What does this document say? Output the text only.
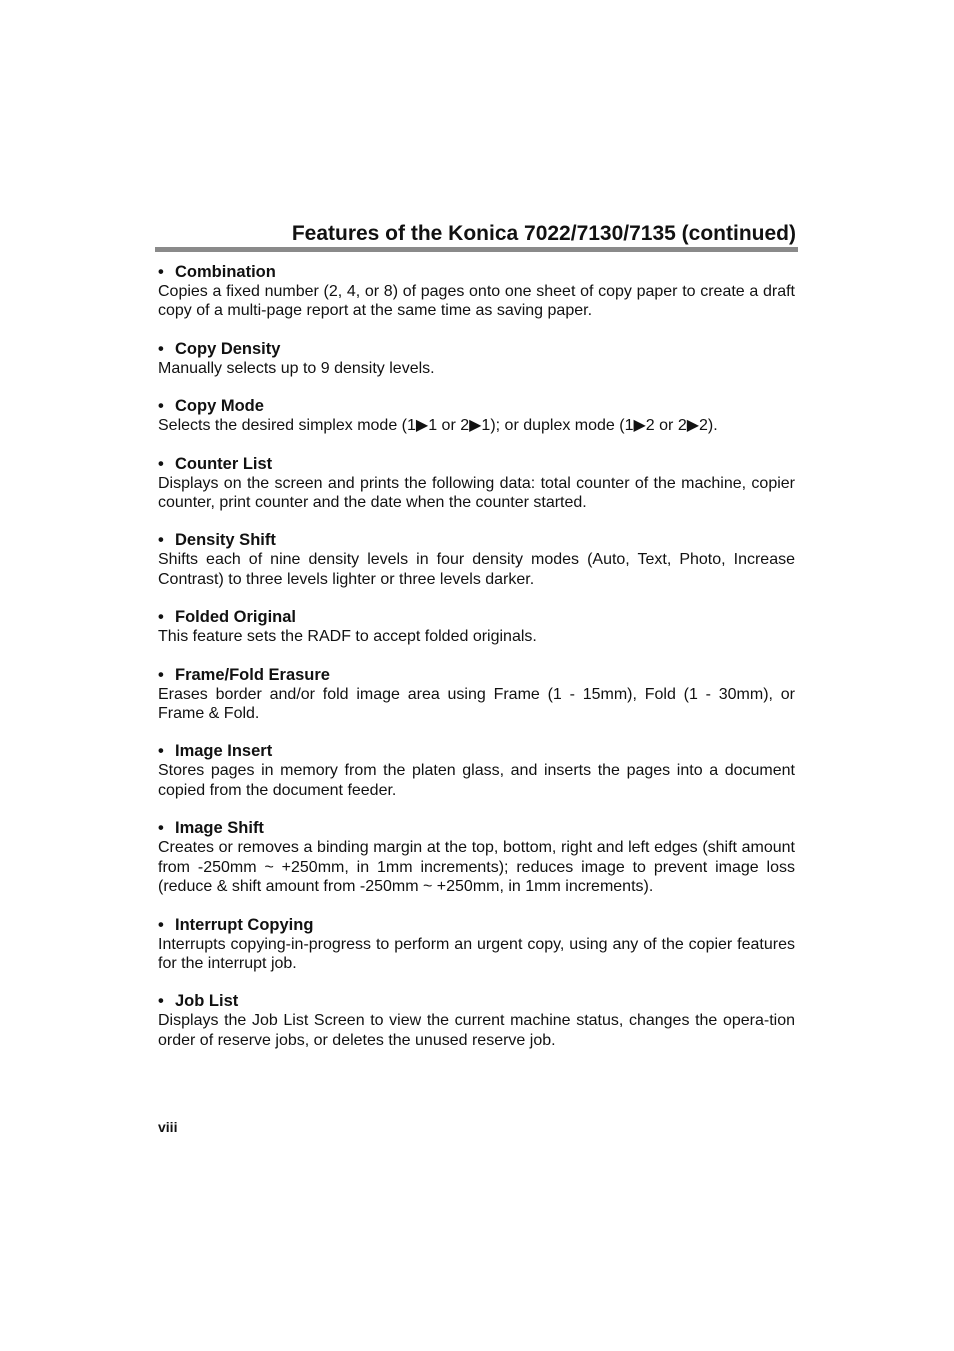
Features of the Konica 7022/7130/7135 (continued)

• Combination

Copies a fixed number (2, 4, or 8) of pages onto one sheet of copy paper to create a draft copy of a multi-page report at the same time as saving paper.

• Copy Density

Manually selects up to 9 density levels.

• Copy Mode

Selects the desired simplex mode (1▶1 or 2▶1); or duplex mode (1▶2 or 2▶2).

• Counter List

Displays on the screen and prints the following data: total counter of the machine, copier counter, print counter and the date when the counter started.

• Density Shift

Shifts each of nine density levels in four density modes (Auto, Text, Photo, Increase Contrast) to three levels lighter or three levels darker.

• Folded Original

This feature sets the RADF to accept folded originals.

• Frame/Fold Erasure

Erases border and/or fold image area using Frame (1 - 15mm), Fold (1 - 30mm), or Frame & Fold.

• Image Insert

Stores pages in memory from the platen glass, and inserts the pages into a document copied from the document feeder.

• Image Shift

Creates or removes a binding margin at the top, bottom, right and left edges (shift amount from -250mm ~ +250mm, in 1mm increments); reduces image to prevent image loss (reduce & shift amount from -250mm ~ +250mm, in 1mm increments).

• Interrupt Copying

Interrupts copying-in-progress to perform an urgent copy, using any of the copier features for the interrupt job.

• Job List

Displays the Job List Screen to view the current machine status, changes the opera-tion order of reserve jobs, or deletes the unused reserve job.

viii
